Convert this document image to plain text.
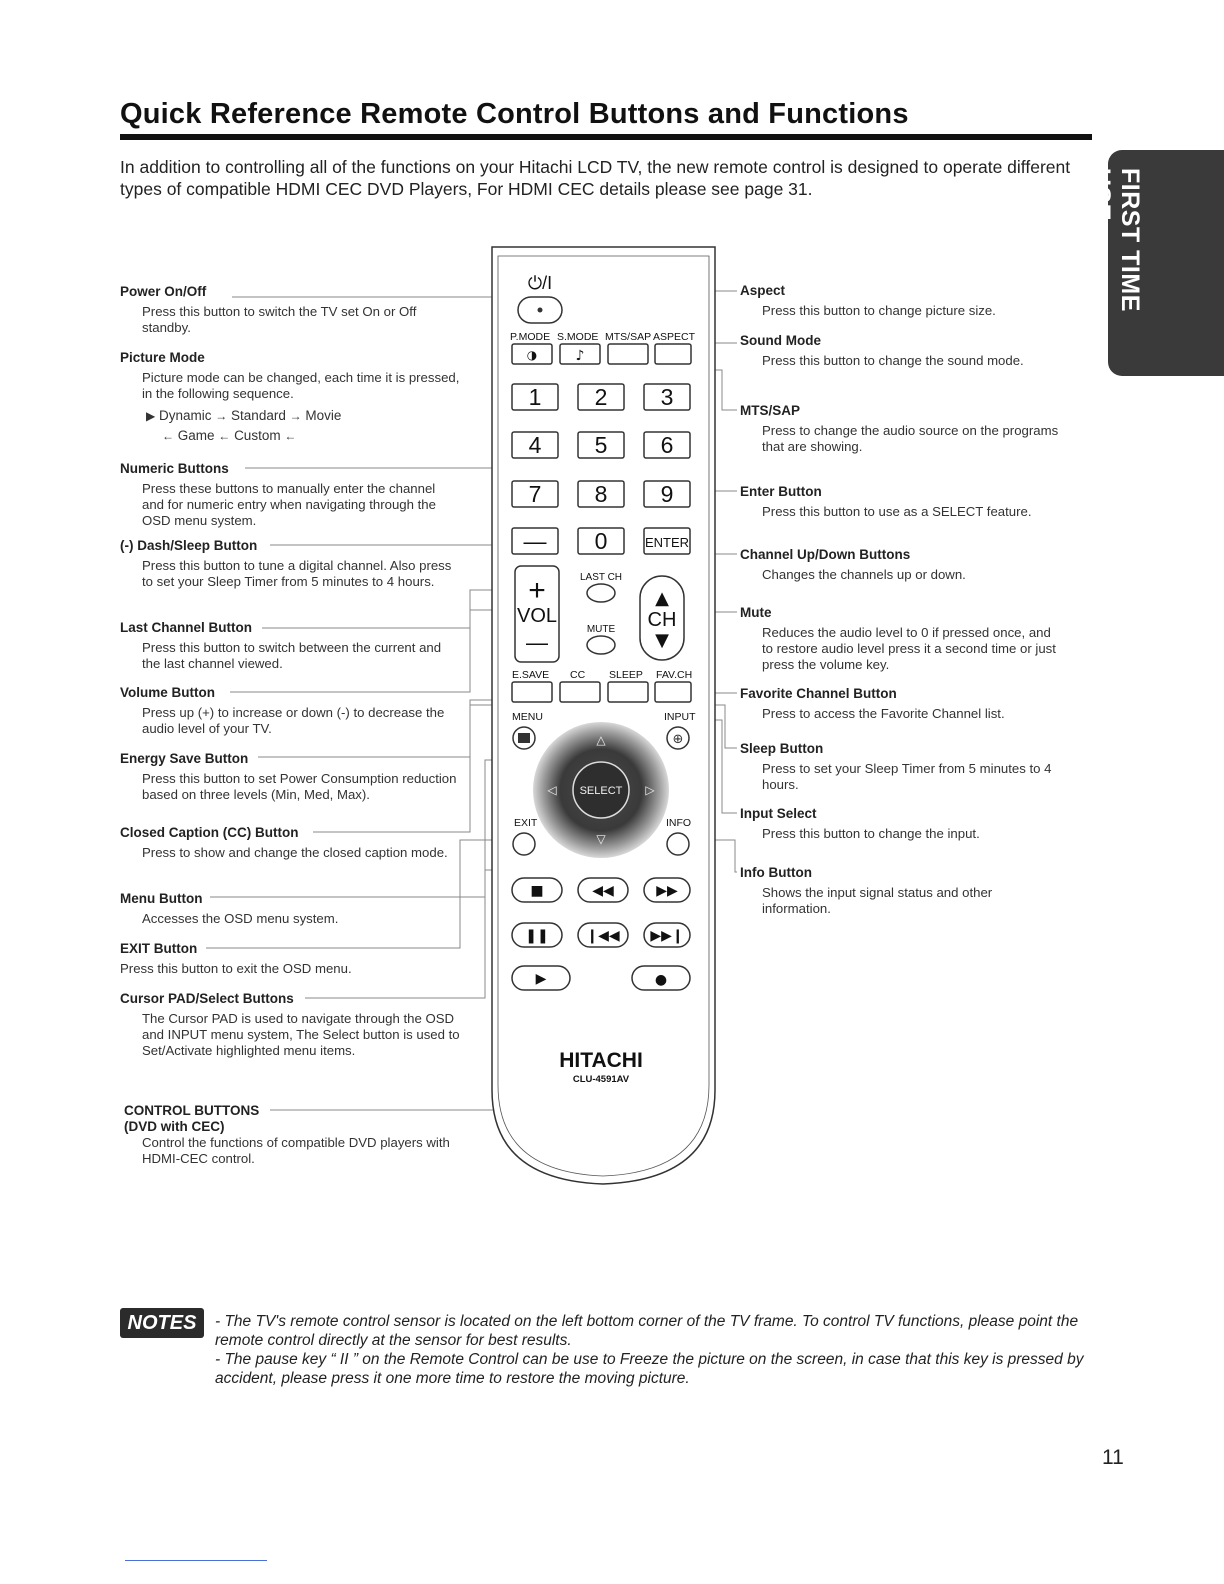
Quick Reference Remote Control Buttons and Functions

In addition to controlling all of the functions on your Hitachi LCD TV, the new remote control is designed to operate different types of compatible HDMI CEC DVD Players, For HDMI CEC details please see page 31.	FIRST TIME USE
⏻/I
P.MODE S.MODE MTS/SAP ASPECT
◑	♪
1 2 3
4 5 6
7 8 9
— 0	ENTER
+
VOL
—
LAST CH
MUTE
▲
CH
▼
E.SAVE CC SLEEP FAV.CH
MENU	INPUT
⊕
SELECT
△
▽
◁	▷
EXIT	INFO
■	◀◀	▶▶
❚❚	❙◀◀ ▶▶❙
▶	●
HITACHI
CLU-4591AV

Power On/Off

Press this button to switch the TV set On or Off standby.

Picture Mode

Picture mode can be changed, each time it is pressed, in the following sequence.

▶ Dynamic → Standard → Movie
← Game ← Custom ←

Numeric Buttons

Press these buttons to manually enter the channel and for numeric entry when navigating through the OSD menu system.

(-) Dash/Sleep Button

Press this button to tune a digital channel. Also press to set your Sleep Timer from 5 minutes to 4 hours.

Last Channel Button

Press this button to switch between the current and the last channel viewed.

Volume Button

Press up (+) to increase or down (-) to decrease the audio level of your TV.

Energy Save Button

Press this button to set Power Consumption reduction based on three levels (Min, Med, Max).

Closed Caption (CC) Button

Press to show and change the closed caption mode.

Menu Button

Accesses the OSD menu system.

EXIT Button

Press this button to exit the OSD menu.

Cursor PAD/Select Buttons

The Cursor PAD is used to navigate through the OSD and INPUT menu system, The Select button is used to Set/Activate highlighted menu items.

CONTROL BUTTONS

(DVD with CEC)

Control the functions of compatible DVD players with HDMI-CEC control.

Aspect

Press this button to change picture size.

Sound Mode

Press this button to change the sound mode.

MTS/SAP

Press to change the audio source on the programs that are showing.

Enter Button

Press this button to use as a SELECT feature.

Channel Up/Down Buttons

Changes the channels up or down.

Mute

Reduces the audio level to 0 if pressed once, and to restore audio level press it a second time or just press the volume key.

Favorite Channel Button

Press to access the Favorite Channel list.

Sleep Button

Press to set your Sleep Timer from 5 minutes to 4 hours.

Input Select

Press this button to change the input.

Info Button

Shows the input signal status and other information.

NOTES	- The TV's remote control sensor is located on the left bottom corner of the TV frame. To control TV functions, please point the remote control directly at the sensor for best results.

- The pause key “ II ” on the Remote Control can be use to Freeze the picture on the screen, in case that this key is pressed by accident, please press it one more time to restore the moving picture.

11
